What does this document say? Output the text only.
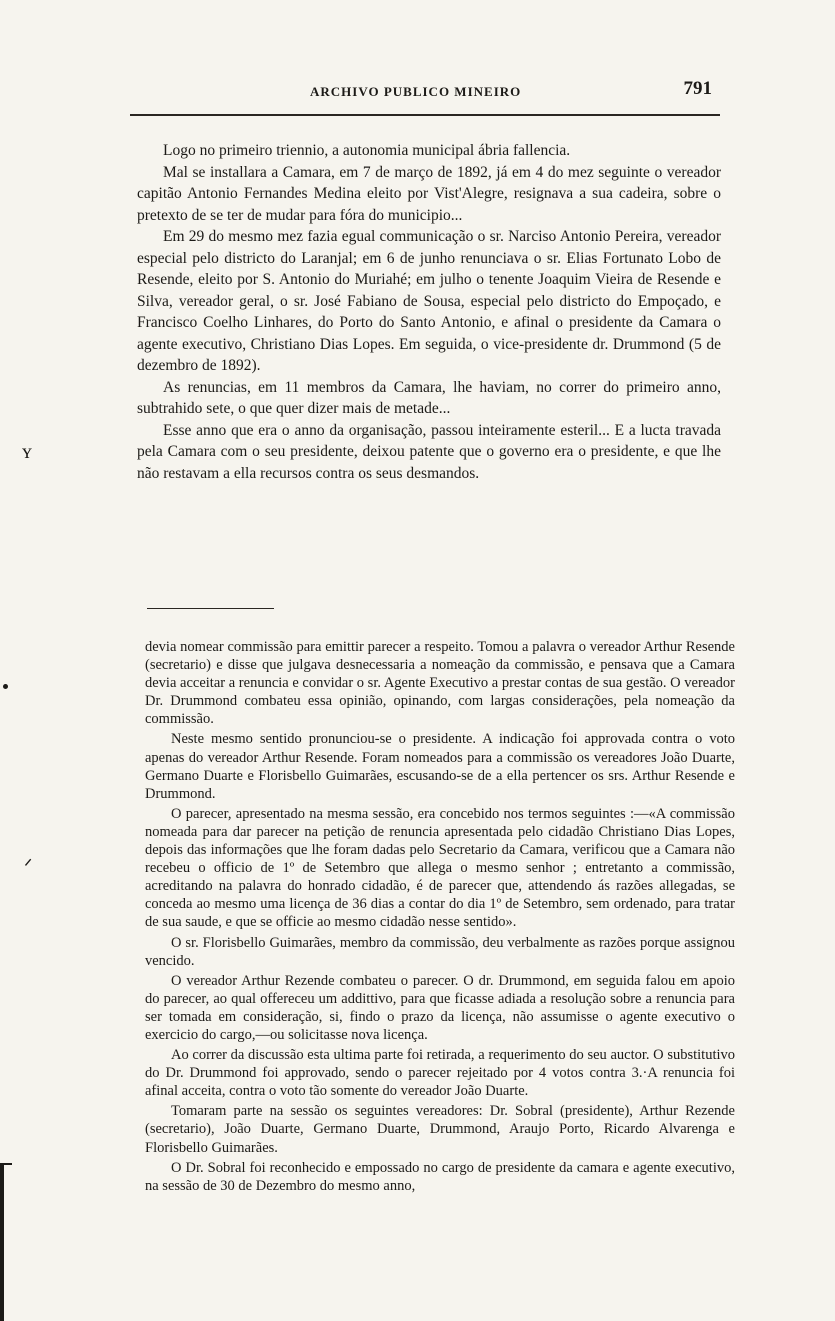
ARCHIVO PUBLICO MINEIRO	791

Logo no primeiro triennio, a autonomia municipal ábria fallencia.

Mal se installara a Camara, em 7 de março de 1892, já em 4 do mez seguinte o vereador capitão Antonio Fernandes Medina eleito por Vist'Alegre, resignava a sua cadeira, sobre o pretexto de se ter de mudar para fóra do municipio...

Em 29 do mesmo mez fazia egual communicação o sr. Narciso Antonio Pereira, vereador especial pelo districto do Laranjal; em 6 de junho renunciava o sr. Elias Fortunato Lobo de Resende, eleito por S. Antonio do Muriahé; em julho o tenente Joaquim Vieira de Resende e Silva, vereador geral, o sr. José Fabiano de Sousa, especial pelo districto do Empoçado, e Francisco Coelho Linhares, do Porto do Santo Antonio, e afinal o presidente da Camara o agente executivo, Christiano Dias Lopes. Em seguida, o vice-presidente dr. Drummond (5 de dezembro de 1892).

As renuncias, em 11 membros da Camara, lhe haviam, no correr do primeiro anno, subtrahido sete, o que quer dizer mais de metade...

Esse anno que era o anno da organisação, passou inteiramente esteril... E a lucta travada pela Camara com o seu presidente, deixou patente que o governo era o presidente, e que lhe não restavam a ella recursos contra os seus desmandos.

devia nomear commissão para emittir parecer a respeito. Tomou a palavra o vereador Arthur Resende (secretario) e disse que julgava desnecessaria a nomeação da commissão, e pensava que a Camara devia acceitar a renuncia e convidar o sr. Agente Executivo a prestar contas de sua gestão. O vereador Dr. Drummond combateu essa opinião, opinando, com largas considerações, pela nomeação da commissão.

Neste mesmo sentido pronunciou-se o presidente. A indicação foi approvada contra o voto apenas do vereador Arthur Resende. Foram nomeados para a commissão os vereadores João Duarte, Germano Duarte e Florisbello Guimarães, escusando-se de a ella pertencer os srs. Arthur Resende e Drummond.

O parecer, apresentado na mesma sessão, era concebido nos termos seguintes :—«A commissão nomeada para dar parecer na petição de renuncia apresentada pelo cidadão Christiano Dias Lopes, depois das informações que lhe foram dadas pelo Secretario da Camara, verificou que a Camara não recebeu o officio de 1º de Setembro que allega o mesmo senhor ; entretanto a commissão, acreditando na palavra do honrado cidadão, é de parecer que, attendendo ás razões allegadas, se conceda ao mesmo uma licença de 36 dias a contar do dia 1º de Setembro, sem ordenado, para tratar de sua saude, e que se officie ao mesmo cidadão nesse sentido».

O sr. Florisbello Guimarães, membro da commissão, deu verbalmente as razões porque assignou vencido.

O vereador Arthur Rezende combateu o parecer. O dr. Drummond, em seguida falou em apoio do parecer, ao qual offereceu um addittivo, para que ficasse adiada a resolução sobre a renuncia para ser tomada em consideração, si, findo o prazo da licença, não assumisse o agente executivo o exercicio do cargo,—ou solicitasse nova licença.

Ao correr da discussão esta ultima parte foi retirada, a requerimento do seu auctor. O substitutivo do Dr. Drummond foi approvado, sendo o parecer rejeitado por 4 votos contra 3.·A renuncia foi afinal acceita, contra o voto tão somente do vereador João Duarte.

Tomaram parte na sessão os seguintes vereadores: Dr. Sobral (presidente), Arthur Rezende (secretario), João Duarte, Germano Duarte, Drummond, Araujo Porto, Ricardo Alvarenga e Florisbello Guimarães.

O Dr. Sobral foi reconhecido e empossado no cargo de presidente da camara e agente executivo, na sessão de 30 de Dezembro do mesmo anno,

ʏ
ᐟ
